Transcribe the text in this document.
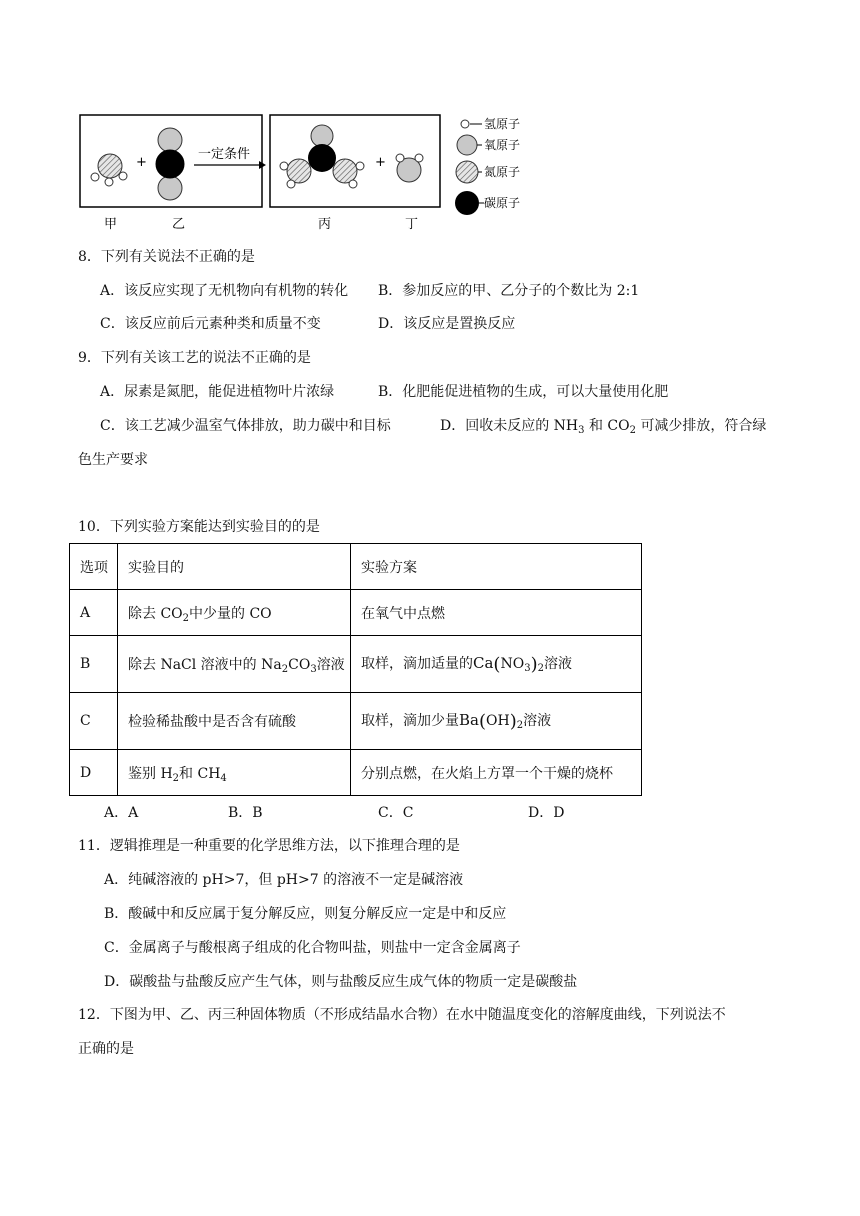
+
一定条件
+
甲	乙	丙	丁
氢原子
氧原子
氮原子
碳原子
8．下列有关说法不正确的是
A．该反应实现了无机物向有机物的转化 B．参加反应的甲、乙分子的个数比为 2:1
C．该反应前后元素种类和质量不变	D．该反应是置换反应
9．下列有关该工艺的说法不正确的是
A．尿素是氮肥，能促进植物叶片浓绿	B．化肥能促进植物的生成，可以大量使用化肥
C．该工艺减少温室气体排放，助力碳中和目标	D．回收未反应的 $NH_3$ 和 $CO_2$ 可减少排放，符合绿
色生产要求
10．下列实验方案能达到实验目的的是
选项	实验目的	实验方案
A	除去 $CO_2$中少量的 CO	在氧气中点燃
B	除去 NaCl 溶液中的 $Na_2CO_3$溶液	取样，滴加适量的$Ca(NO_3)_2$溶液
C	检验稀盐酸中是否含有硫酸	取样，滴加少量$Ba(OH)_2$溶液
D	鉴别 $H_2$和 $CH_4$	分别点燃，在火焰上方罩一个干燥的烧杯
A．A	B．B	C．C	D．D
11．逻辑推理是一种重要的化学思维方法，以下推理合理的是
A．纯碱溶液的 pH>7，但 pH>7 的溶液不一定是碱溶液
B．酸碱中和反应属于复分解反应，则复分解反应一定是中和反应
C．金属离子与酸根离子组成的化合物叫盐，则盐中一定含金属离子
D．碳酸盐与盐酸反应产生气体，则与盐酸反应生成气体的物质一定是碳酸盐
12．下图为甲、乙、丙三种固体物质（不形成结晶水合物）在水中随温度变化的溶解度曲线，下列说法不
正确的是
